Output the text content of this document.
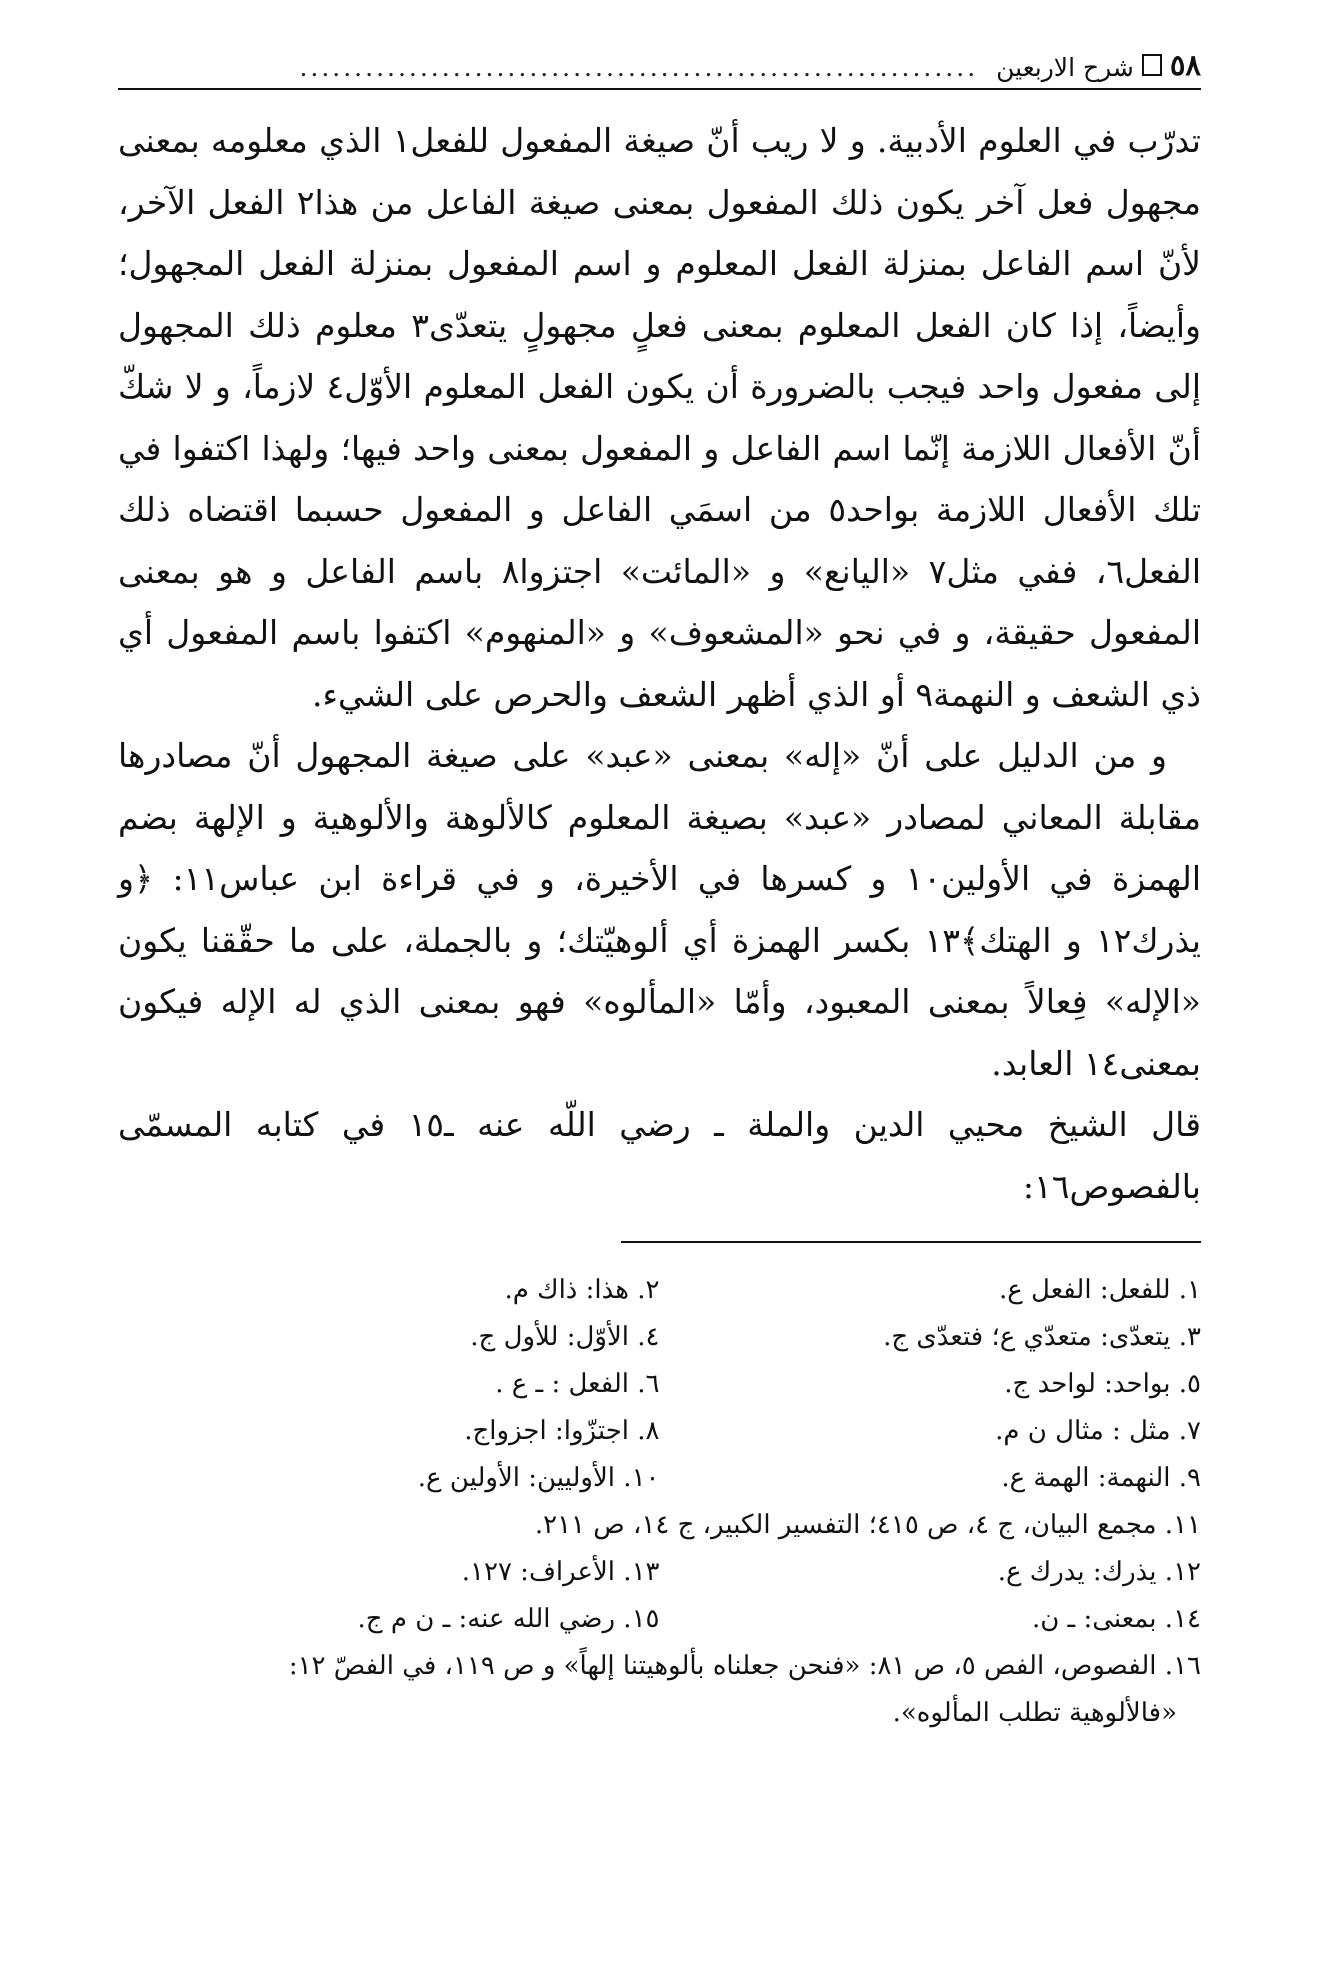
٥٨
شرح الاربعين
..............................................................

تدرّب في العلوم الأدبية. و لا ريب أنّ صيغة المفعول للفعل١ الذي معلومه بمعنى مجهول فعل آخر يكون ذلك المفعول بمعنى صيغة الفاعل من هذا٢ الفعل الآخر، لأنّ اسم الفاعل بمنزلة الفعل المعلوم و اسم المفعول بمنزلة الفعل المجهول؛ وأيضاً، إذا كان الفعل المعلوم بمعنى فعلٍ مجهولٍ يتعدّى٣ معلوم ذلك المجهول إلى مفعول واحد فيجب بالضرورة أن يكون الفعل المعلوم الأوّل٤ لازماً، و لا شكّ أنّ الأفعال اللازمة إنّما اسم الفاعل و المفعول بمعنى واحد فيها؛ ولهذا اكتفوا في تلك الأفعال اللازمة بواحد٥ من اسمَي الفاعل و المفعول حسبما اقتضاه ذلك الفعل٦، ففي مثل٧ «اليانع» و «المائت» اجتزوا٨ باسم الفاعل و هو بمعنى المفعول حقيقة، و في نحو «المشعوف» و «المنهوم» اكتفوا باسم المفعول أي ذي الشعف و النهمة٩ أو الذي أظهر الشعف والحرص على الشيء.

و من الدليل على أنّ «إله» بمعنى «عبد» على صيغة المجهول أنّ مصادرها مقابلة المعاني لمصادر «عبد» بصيغة المعلوم كالألوهة والألوهية و الإلهة بضم الهمزة في الأولين١٠ و كسرها في الأخيرة، و في قراءة ابن عباس١١: ﴿و يذرك١٢ و الهتك﴾١٣ بكسر الهمزة أي ألوهيّتك؛ و بالجملة، على ما حقّقنا يكون «الإله» فِعالاً بمعنى المعبود، وأمّا «المألوه» فهو بمعنى الذي له الإله فيكون بمعنى١٤ العابد.

قال الشيخ محيي الدين والملة ـ رضي اللّه عنه ـ١٥ في كتابه المسمّى بالفصوص١٦:

١. للفعل: الفعل ع.
٢. هذا: ذاك م.
٣. يتعدّى: متعدّي ع؛ فتعدّى ج.
٤. الأوّل: للأول ج.
٥. بواحد: لواحد ج.
٦. الفعل : ـ ع .
٧. مثل : مثال ن م.
٨. اجتزّوا: اجزواج.
٩. النهمة: الهمة ع.
١٠. الأوليين: الأولين ع.
١١. مجمع البيان، ج ٤، ص ٤١٥؛ التفسير الكبير، ج ١٤، ص ٢١١.
١٢. يذرك: يدرك ع.
١٣. الأعراف: ١٢٧.
١٤. بمعنى: ـ ن.
١٥. رضي الله عنه: ـ ن م ج.
١٦. الفصوص، الفص ٥، ص ٨١: «فنحن جعلناه بألوهيتنا إلهاً» و ص ١١٩، في الفصّ ١٢:
«فالألوهية تطلب المألوه».
